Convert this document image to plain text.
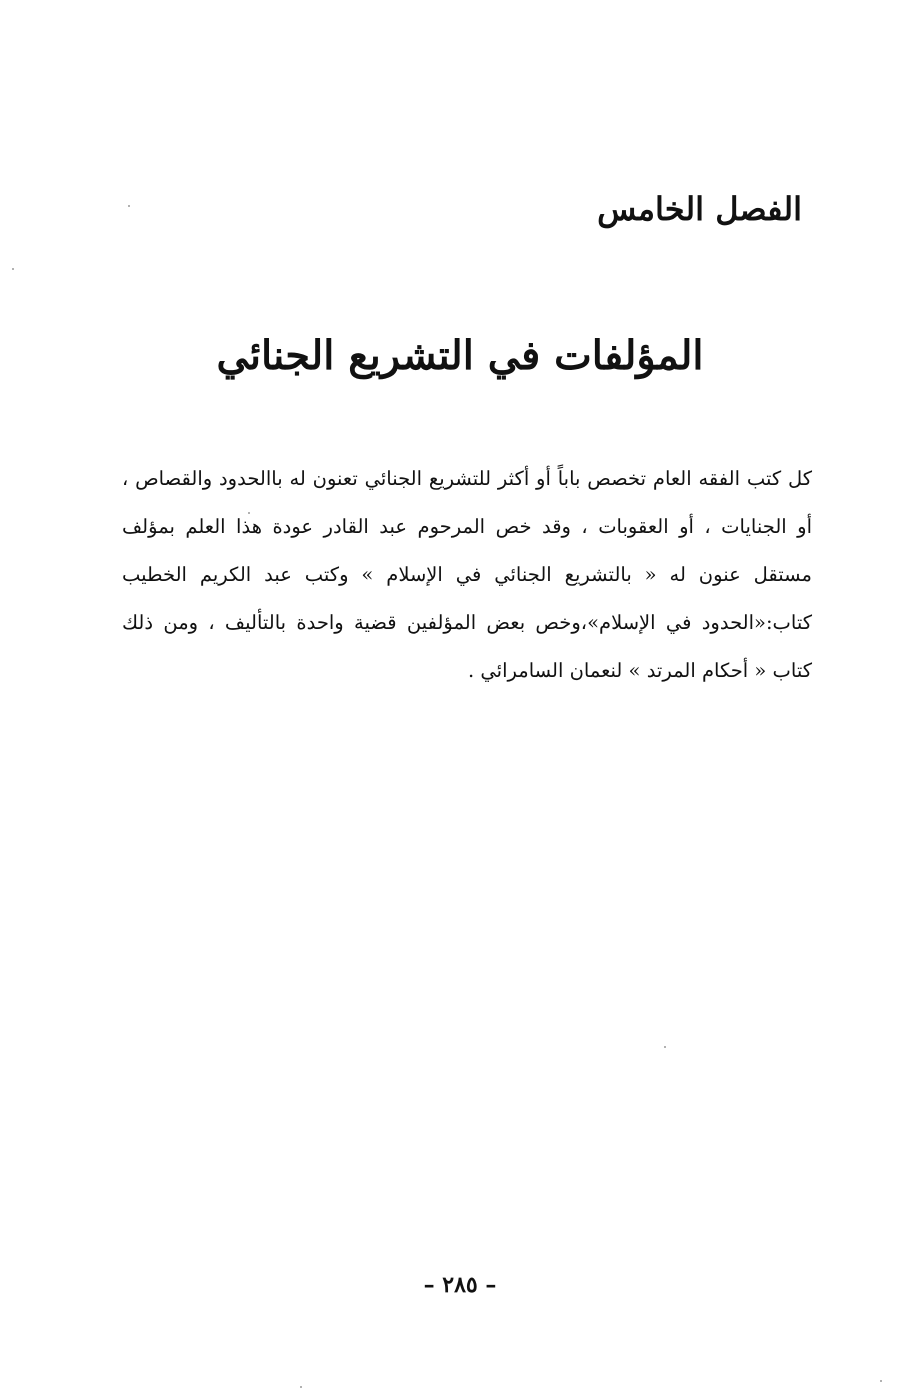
الفصل الخامس
المؤلفات في التشريع الجنائي

كل كتب الفقه العام تخصص باباً أو أكثر للتشريع الجنائي تعنون له باالحدود والقصاص ، أو الجنايات ، أو العقوبات ، وقد خص المرحوم عبد القادر عودة هذا العلم بمؤلف مستقل عنون له « بالتشريع الجنائي في الإسلام » وكتب عبد الكريم الخطيب كتاب:«الحدود في الإسلام»،وخص بعض المؤلفين قضية واحدة بالتأليف ، ومن ذلك كتاب « أحكام المرتد » لنعمان السامرائي .

– ٢٨٥ –
